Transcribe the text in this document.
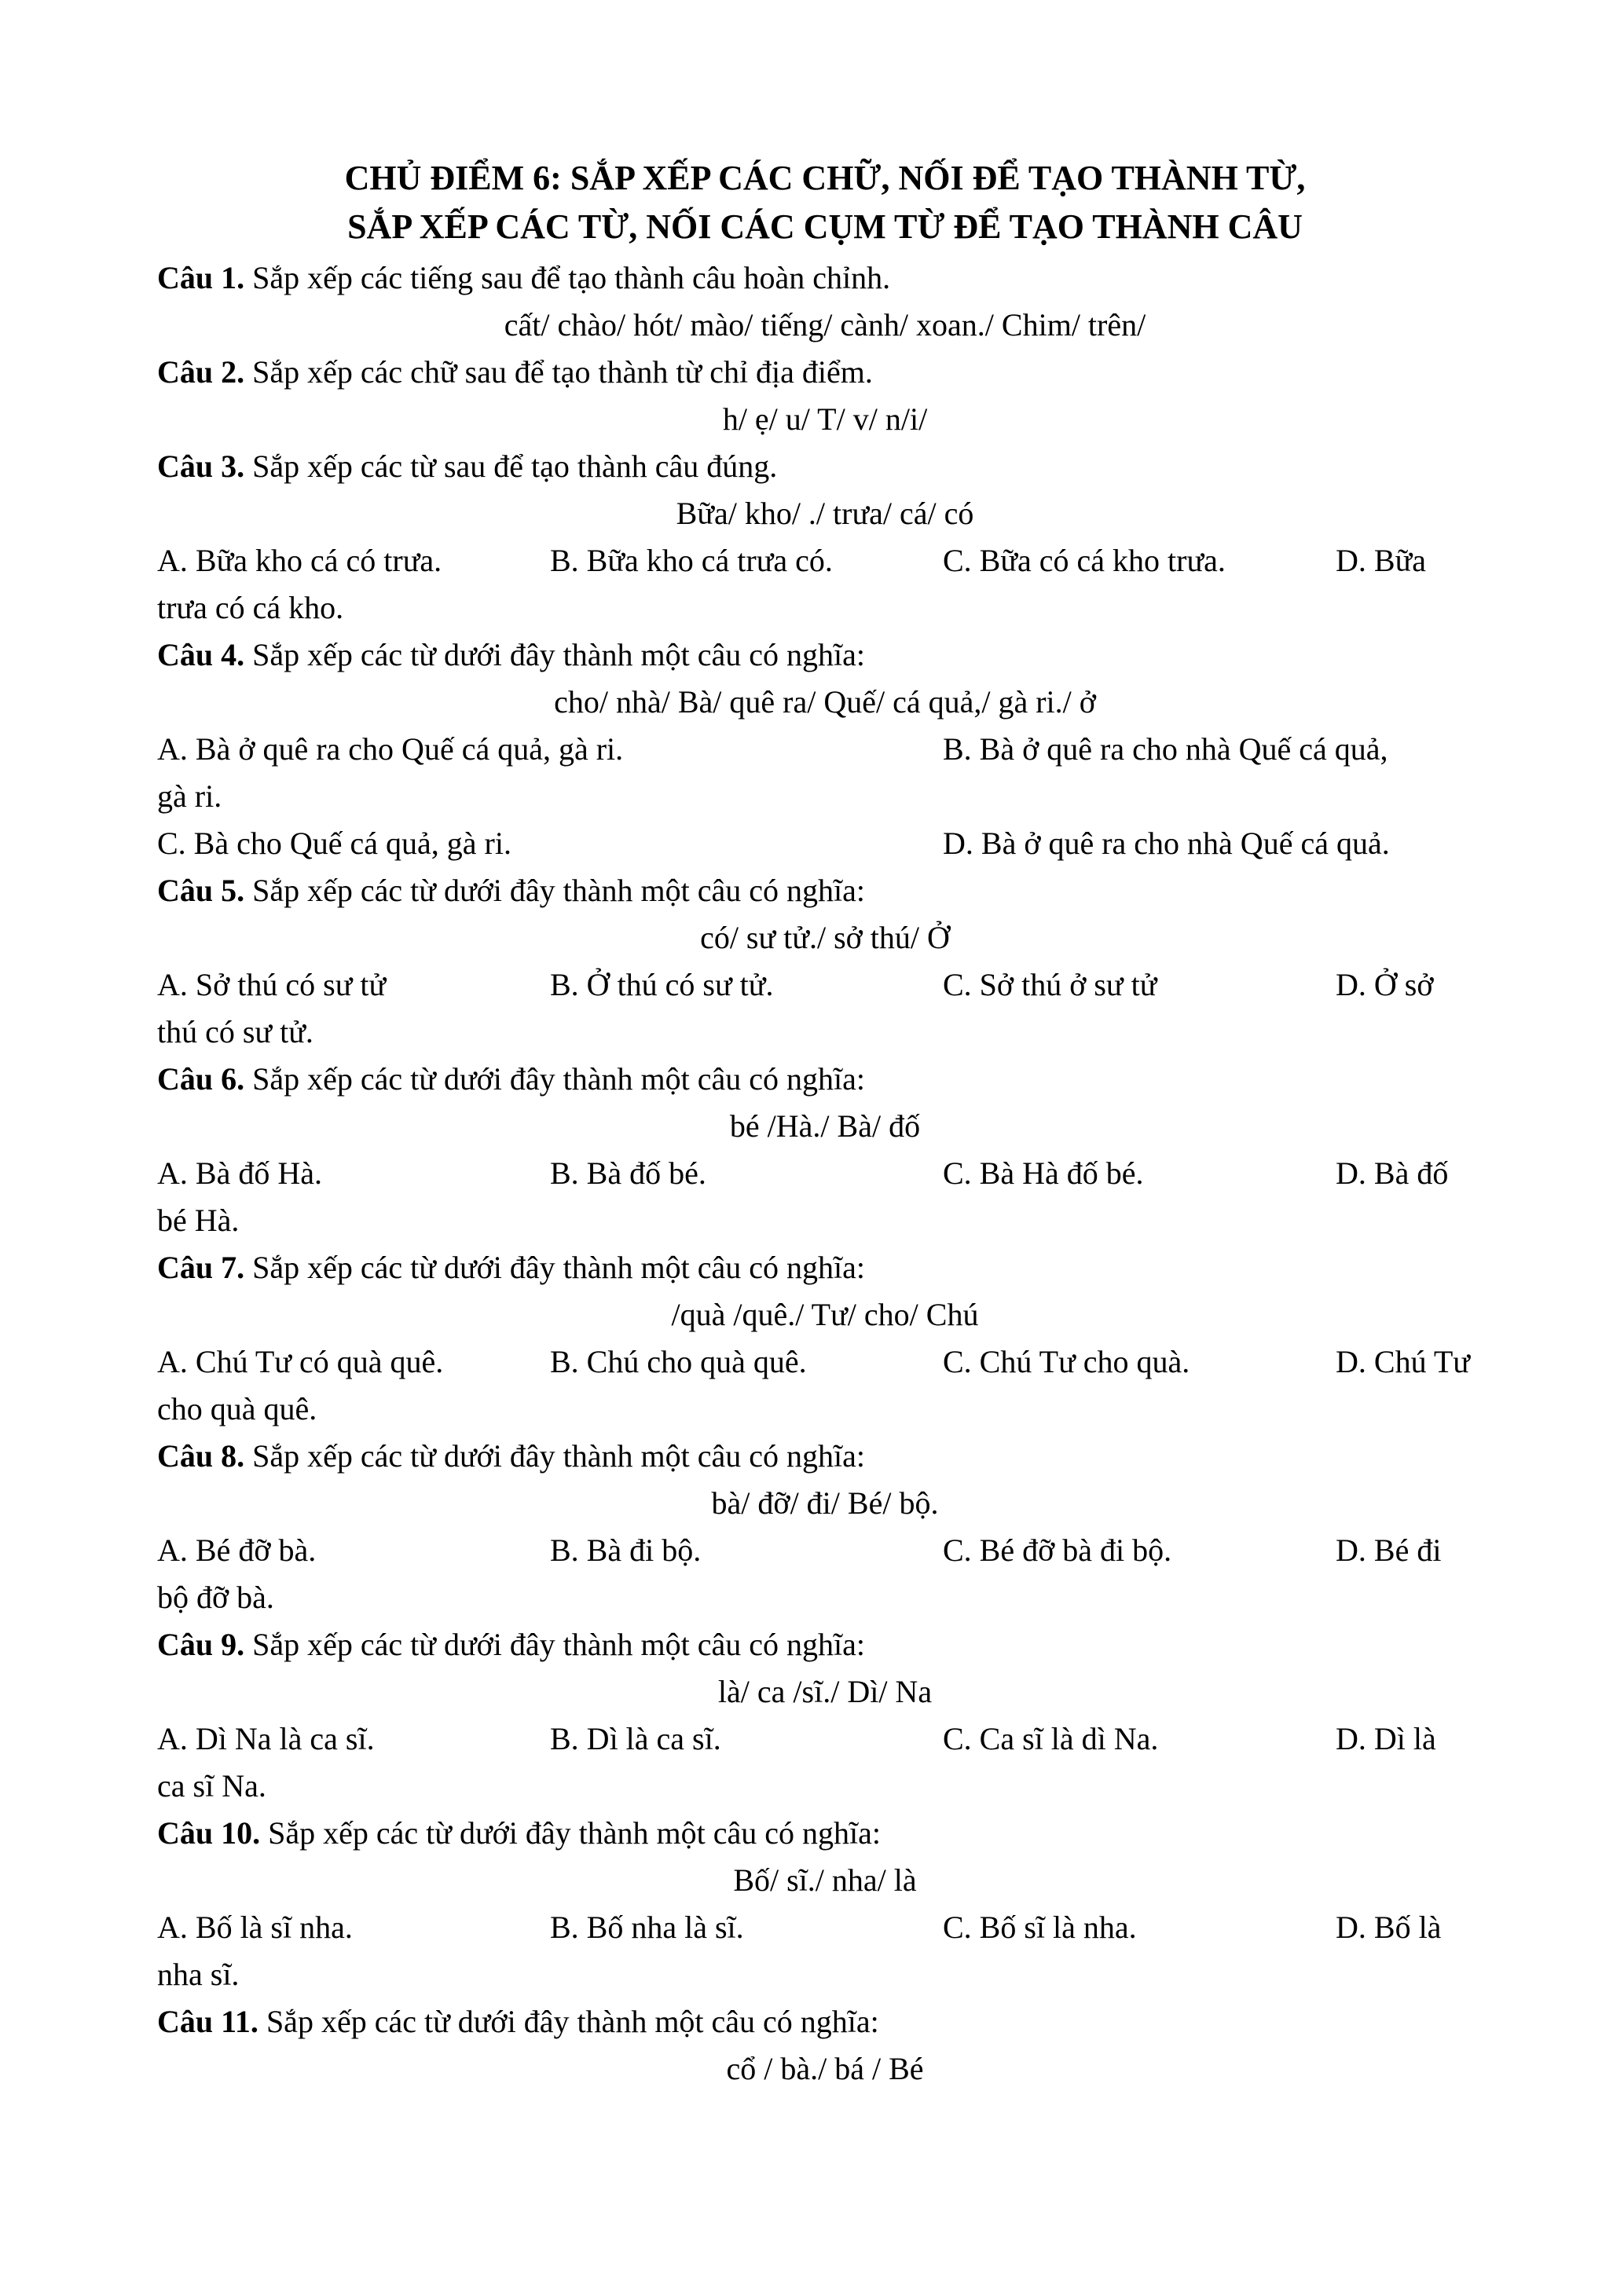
CHỦ ĐIỂM 6: SẮP XẾP CÁC CHỮ, NỐI ĐỂ TẠO THÀNH TỪ,
SẮP XẾP CÁC TỪ, NỐI CÁC CỤM TỪ ĐỂ TẠO THÀNH CÂU
Câu 1. Sắp xếp các tiếng sau để tạo thành câu hoàn chỉnh.
cất/ chào/ hót/ mào/ tiếng/ cành/ xoan./ Chim/ trên/
Câu 2. Sắp xếp các chữ sau để tạo thành từ chỉ địa điểm.
h/ ẹ/ u/ T/ v/ n/i/
Câu 3. Sắp xếp các từ sau để tạo thành câu đúng.
Bữa/ kho/ ./ trưa/ cá/ có
A. Bữa kho cá có trưa.	B. Bữa kho cá trưa có.	C. Bữa có cá kho trưa.	D. Bữa
trưa có cá kho.
Câu 4. Sắp xếp các từ dưới đây thành một câu có nghĩa:
cho/ nhà/ Bà/ quê ra/ Quế/ cá quả,/ gà ri./ ở
A. Bà ở quê ra cho Quế cá quả, gà ri.	B. Bà ở quê ra cho nhà Quế cá quả,
gà ri.
C. Bà cho Quế cá quả, gà ri.	D. Bà ở quê ra cho nhà Quế cá quả.
Câu 5. Sắp xếp các từ dưới đây thành một câu có nghĩa:
có/ sư tử./ sở thú/ Ở
A. Sở thú có sư tử	B. Ở thú có sư tử.	C. Sở thú ở sư tử	D. Ở sở
thú có sư tử.
Câu 6. Sắp xếp các từ dưới đây thành một câu có nghĩa:
bé /Hà./ Bà/ đố
A. Bà đố Hà.	B. Bà đố bé.	C. Bà Hà đố bé.	D. Bà đố
bé Hà.
Câu 7. Sắp xếp các từ dưới đây thành một câu có nghĩa:
/quà /quê./ Tư/ cho/ Chú
A. Chú Tư có quà quê.	B. Chú cho quà quê.	C. Chú Tư cho quà.	D. Chú Tư
cho quà quê.
Câu 8. Sắp xếp các từ dưới đây thành một câu có nghĩa:
bà/ đỡ/ đi/ Bé/ bộ.
A. Bé đỡ bà.	B. Bà đi bộ.	C. Bé đỡ bà đi bộ.	D. Bé đi
bộ đỡ bà.
Câu 9. Sắp xếp các từ dưới đây thành một câu có nghĩa:
là/ ca /sĩ./ Dì/ Na
A. Dì Na là ca sĩ.	B. Dì là ca sĩ.	C. Ca sĩ là dì Na.	D. Dì là
ca sĩ Na.
Câu 10. Sắp xếp các từ dưới đây thành một câu có nghĩa:
Bố/ sĩ./ nha/ là
A. Bố là sĩ nha.	B. Bố nha là sĩ.	C. Bố sĩ là nha.	D. Bố là
nha sĩ.
Câu 11. Sắp xếp các từ dưới đây thành một câu có nghĩa:
cổ / bà./ bá / Bé
